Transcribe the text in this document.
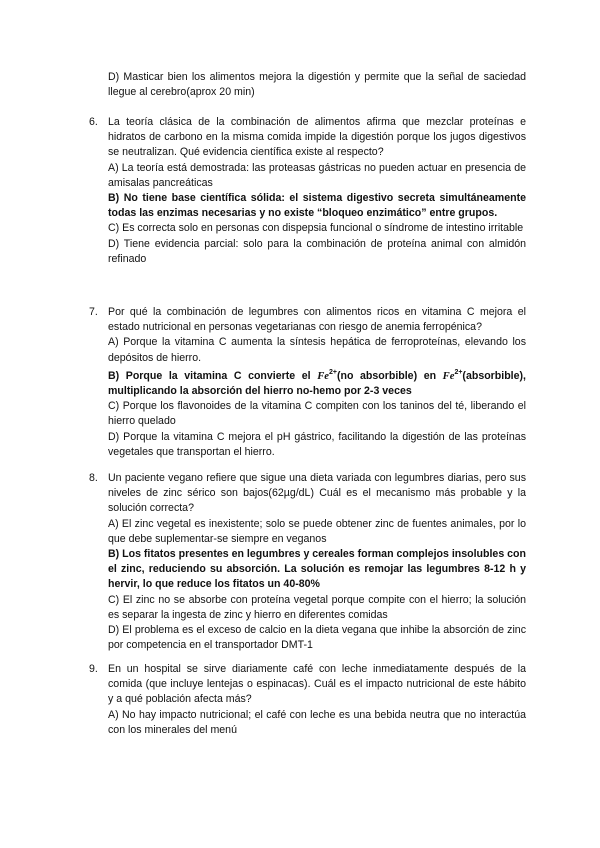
D) Masticar bien los alimentos mejora la digestión y permite que la señal de saciedad llegue al cerebro(aprox 20 min)
6. La teoría clásica de la combinación de alimentos afirma que mezclar proteínas e hidratos de carbono en la misma comida impide la digestión porque los jugos digestivos se neutralizan. Qué evidencia científica existe al respecto?
A) La teoría está demostrada: las proteasas gástricas no pueden actuar en presencia de amisalas pancreáticas
B) No tiene base científica sólida: el sistema digestivo secreta simultáneamente todas las enzimas necesarias y no existe “bloqueo enzimático” entre grupos.
C) Es correcta solo en personas con dispepsia funcional o síndrome de intestino irritable
D) Tiene evidencia parcial: solo para la combinación de proteína animal con almidón refinado
7. Por qué la combinación de legumbres con alimentos ricos en vitamina C mejora el estado nutricional en personas vegetarianas con riesgo de anemia ferropénica?
A) Porque la vitamina C aumenta la síntesis hepática de ferroproteínas, elevando los depósitos de hierro.
B) Porque la vitamina C convierte el $Fe^{2+}(no$ absorbible) en $Fe^{2+}(absorbible)$, multiplicando la absorción del hierro no-hemo por 2-3 veces
C) Porque los flavonoides de la vitamina C compiten con los taninos del té, liberando el hierro quelado
D) Porque la vitamina C mejora el pH gástrico, facilitando la digestión de las proteínas vegetales que transportan el hierro.
8. Un paciente vegano refiere que sigue una dieta variada con legumbres diarias, pero sus niveles de zinc sérico son bajos(62µg/dL) Cuál es el mecanismo más probable y la solución correcta?
A) El zinc vegetal es inexistente; solo se puede obtener zinc de fuentes animales, por lo que debe suplementar-se siempre en veganos
B) Los fitatos presentes en legumbres y cereales forman complejos insolubles con el zinc, reduciendo su absorción. La solución es remojar las legumbres 8-12 h y hervir, lo que reduce los fitatos un 40-80%
C) El zinc no se absorbe con proteína vegetal porque compite con el hierro; la solución es separar la ingesta de zinc y hierro en diferentes comidas
D) El problema es el exceso de calcio en la dieta vegana que inhibe la absorción de zinc por competencia en el transportador DMT-1
9. En un hospital se sirve diariamente café con leche inmediatamente después de la comida (que incluye lentejas o espinacas). Cuál es el impacto nutricional de este hábito y a qué población afecta más?
A) No hay impacto nutricional; el café con leche es una bebida neutra que no interactúa con los minerales del menú
